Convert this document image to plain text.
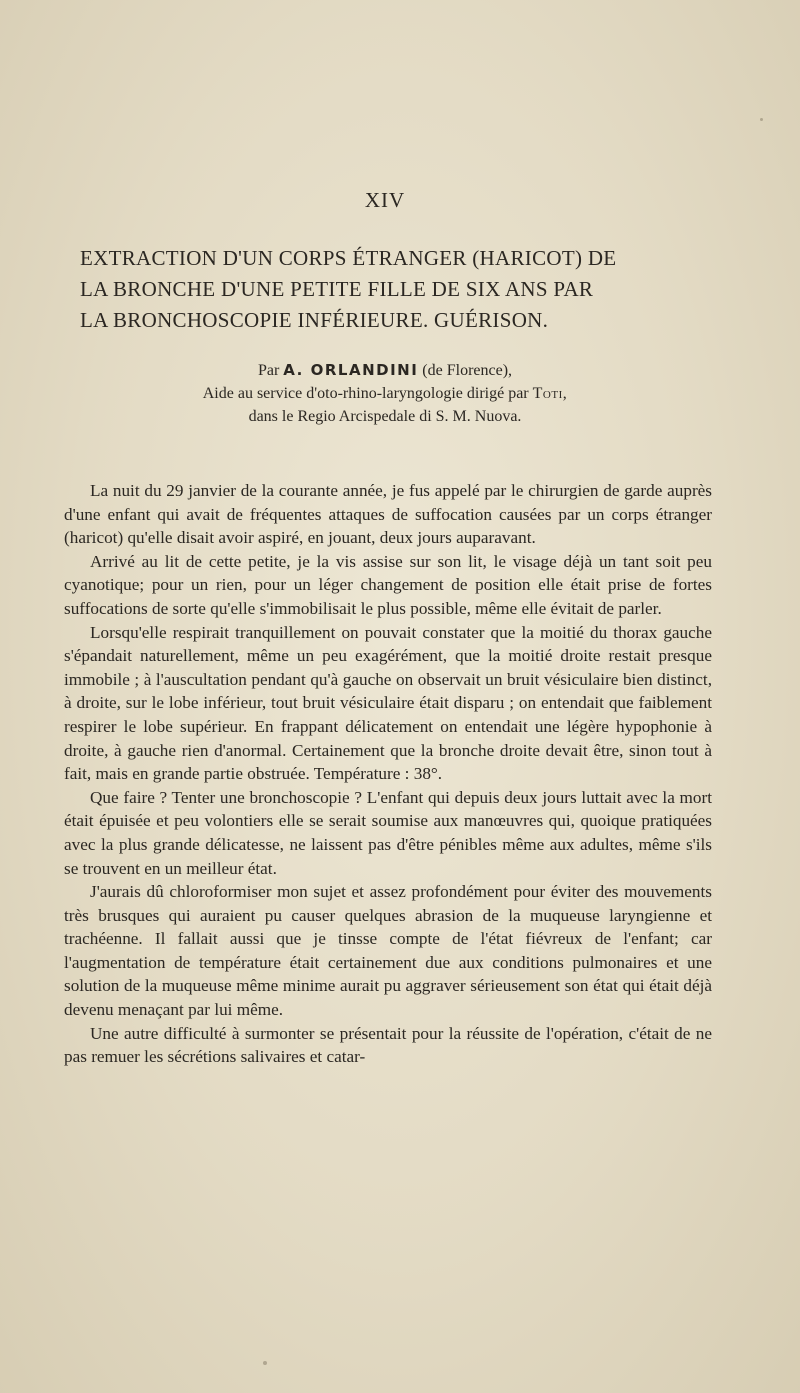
XIV
EXTRACTION D'UN CORPS ÉTRANGER (HARICOT) DE
LA BRONCHE D'UNE PETITE FILLE DE SIX ANS PAR
LA BRONCHOSCOPIE INFÉRIEURE. GUÉRISON.
Par A. ORLANDINI (de Florence),
Aide au service d'oto-rhino-laryngologie dirigé par Toti,
dans le Regio Arcispedale di S. M. Nuova.

La nuit du 29 janvier de la courante année, je fus appelé par le chirurgien de garde auprès d'une enfant qui avait de fréquentes attaques de suffocation causées par un corps étranger (haricot) qu'elle disait avoir aspiré, en jouant, deux jours auparavant.

Arrivé au lit de cette petite, je la vis assise sur son lit, le visage déjà un tant soit peu cyanotique; pour un rien, pour un léger changement de position elle était prise de fortes suffocations de sorte qu'elle s'immobilisait le plus possible, même elle évitait de parler.

Lorsqu'elle respirait tranquillement on pouvait constater que la moitié du thorax gauche s'épandait naturellement, même un peu exagérément, que la moitié droite restait presque immobile ; à l'auscultation pendant qu'à gauche on observait un bruit vésiculaire bien distinct, à droite, sur le lobe inférieur, tout bruit vésiculaire était disparu ; on entendait que faiblement respirer le lobe supérieur. En frappant délicatement on entendait une légère hypophonie à droite, à gauche rien d'anormal. Certainement que la bronche droite devait être, sinon tout à fait, mais en grande partie obstruée. Température : 38°.

Que faire ? Tenter une bronchoscopie ? L'enfant qui depuis deux jours luttait avec la mort était épuisée et peu volontiers elle se serait soumise aux manœuvres qui, quoique pratiquées avec la plus grande délicatesse, ne laissent pas d'être pénibles même aux adultes, même s'ils se trouvent en un meilleur état.

J'aurais dû chloroformiser mon sujet et assez profondément pour éviter des mouvements très brusques qui auraient pu causer quelques abrasion de la muqueuse laryngienne et trachéenne. Il fallait aussi que je tinsse compte de l'état fiévreux de l'enfant; car l'augmentation de température était certainement due aux conditions pulmonaires et une solution de la muqueuse même minime aurait pu aggraver sérieusement son état qui était déjà devenu menaçant par lui même.

Une autre difficulté à surmonter se présentait pour la réussite de l'opération, c'était de ne pas remuer les sécrétions salivaires et catar-
